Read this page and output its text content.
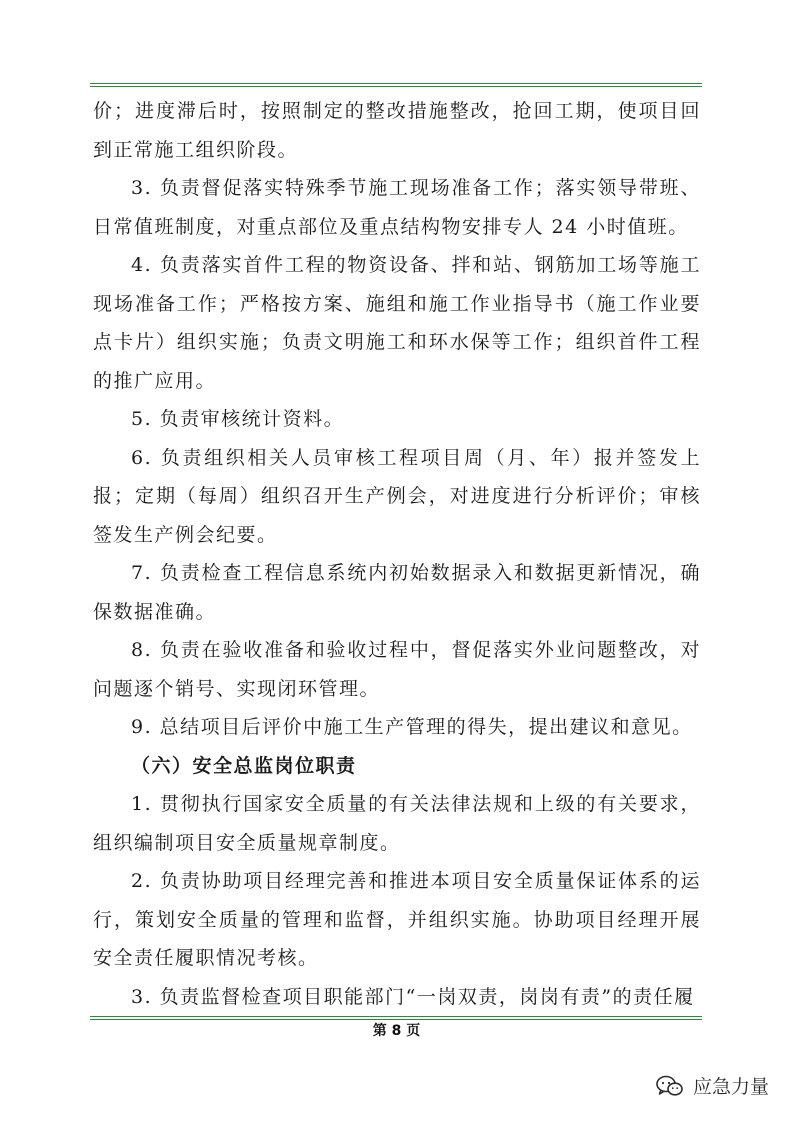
价；进度滞后时，按照制定的整改措施整改，抢回工期，使项目回到正常施工组织阶段。

3. 负责督促落实特殊季节施工现场准备工作；落实领导带班、日常值班制度，对重点部位及重点结构物安排专人 24 小时值班。

4. 负责落实首件工程的物资设备、拌和站、钢筋加工场等施工现场准备工作；严格按方案、施组和施工作业指导书（施工作业要点卡片）组织实施；负责文明施工和环水保等工作；组织首件工程的推广应用。

5. 负责审核统计资料。

6. 负责组织相关人员审核工程项目周（月、年）报并签发上报；定期（每周）组织召开生产例会，对进度进行分析评价；审核签发生产例会纪要。

7. 负责检查工程信息系统内初始数据录入和数据更新情况，确保数据准确。

8. 负责在验收准备和验收过程中，督促落实外业问题整改，对问题逐个销号、实现闭环管理。

9. 总结项目后评价中施工生产管理的得失，提出建议和意见。

（六）安全总监岗位职责

1. 贯彻执行国家安全质量的有关法律法规和上级的有关要求，组织编制项目安全质量规章制度。

2. 负责协助项目经理完善和推进本项目安全质量保证体系的运行，策划安全质量的管理和监督，并组织实施。协助项目经理开展安全责任履职情况考核。

3. 负责监督检查项目职能部门“一岗双责，岗岗有责”的责任履

第 8 页
应急力量
